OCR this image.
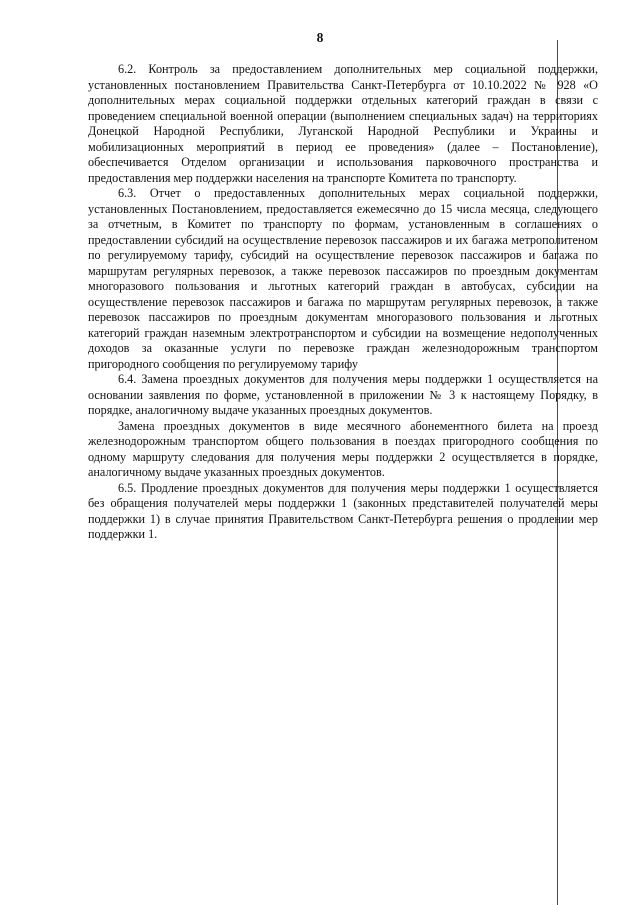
8

6.2. Контроль за предоставлением дополнительных мер социальной поддержки, установленных постановлением Правительства Санкт-Петербурга от 10.10.2022 № 928 «О дополнительных мерах социальной поддержки отдельных категорий граждан в связи с проведением специальной военной операции (выполнением специальных задач) на территориях Донецкой Народной Республики, Луганской Народной Республики и Украины и мобилизационных мероприятий в период ее проведения» (далее – Постановление), обеспечивается Отделом организации и использования парковочного пространства и предоставления мер поддержки населения на транспорте Комитета по транспорту.

6.3. Отчет о предоставленных дополнительных мерах социальной поддержки, установленных Постановлением, предоставляется ежемесячно до 15 числа месяца, следующего за отчетным, в Комитет по транспорту по формам, установленным в соглашениях о предоставлении субсидий на осуществление перевозок пассажиров и их багажа метрополитеном по регулируемому тарифу, субсидий на осуществление перевозок пассажиров и багажа по маршрутам регулярных перевозок, а также перевозок пассажиров по проездным документам многоразового пользования и льготных категорий граждан в автобусах, субсидии на осуществление перевозок пассажиров и багажа по маршрутам регулярных перевозок, а также перевозок пассажиров по проездным документам многоразового пользования и льготных категорий граждан наземным электротранспортом и субсидии на возмещение недополученных доходов за оказанные услуги по перевозке граждан железнодорожным транспортом пригородного сообщения по регулируемому тарифу

6.4. Замена проездных документов для получения меры поддержки 1 осуществляется на основании заявления по форме, установленной в приложении № 3 к настоящему Порядку, в порядке, аналогичному выдаче указанных проездных документов.

Замена проездных документов в виде месячного абонементного билета на проезд железнодорожным транспортом общего пользования в поездах пригородного сообщения по одному маршруту следования для получения меры поддержки 2 осуществляется в порядке, аналогичному выдаче указанных проездных документов.

6.5. Продление проездных документов для получения меры поддержки 1 осуществляется без обращения получателей меры поддержки 1 (законных представителей получателей меры поддержки 1) в случае принятия Правительством Санкт-Петербурга решения о продлении мер поддержки 1.
